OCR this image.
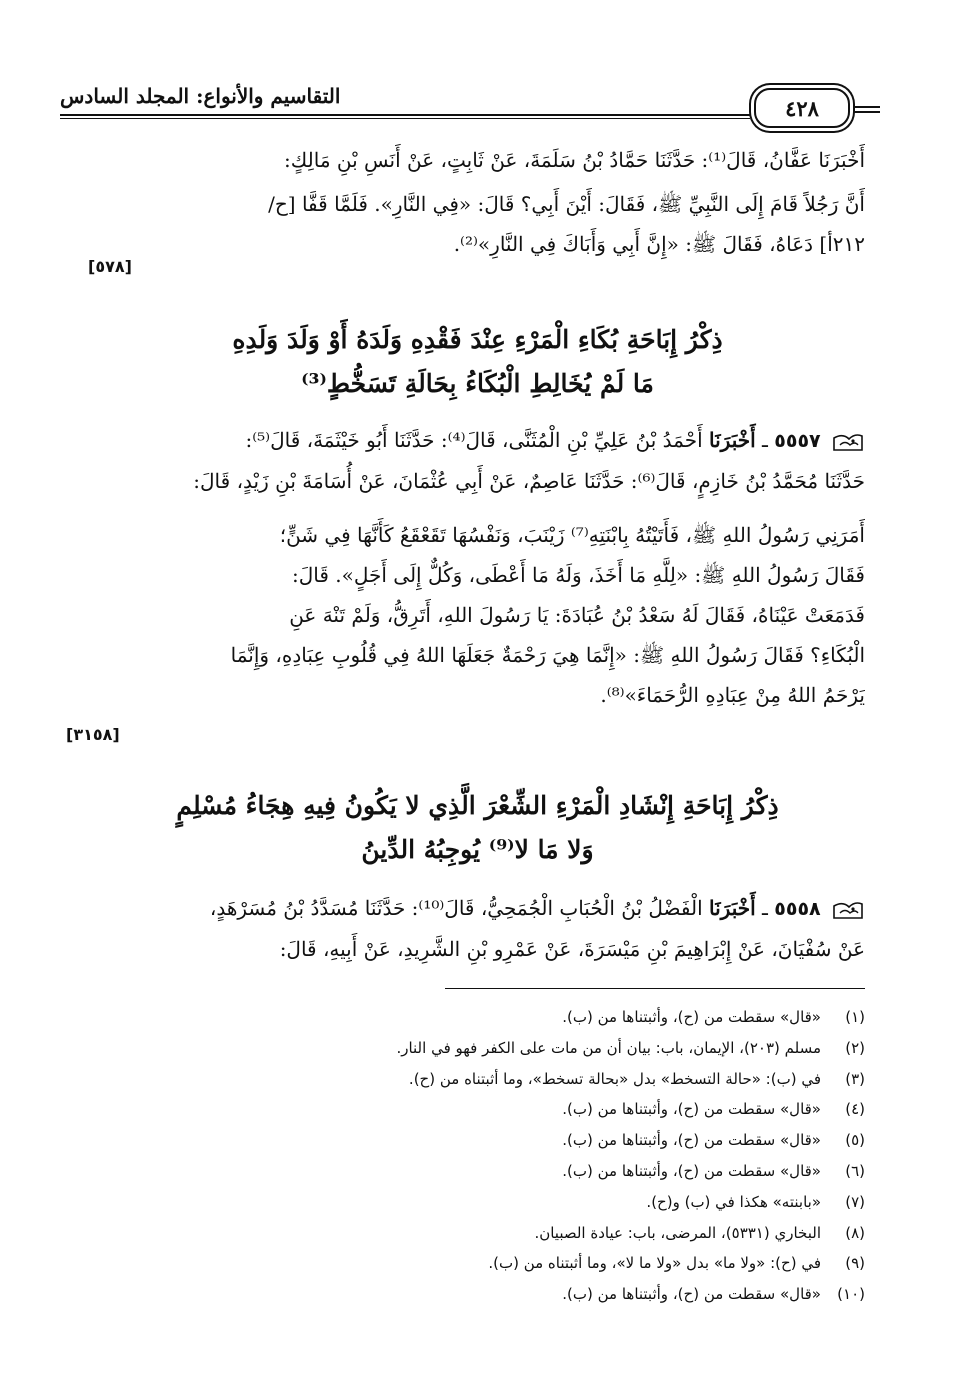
التقاسيم والأنواع: المجلد السادس	٤٢٨
أَخْبَرَنَا عَفَّانُ، قَالَ⁽¹⁾: حَدَّثَنَا حَمَّادُ بْنُ سَلَمَةَ، عَنْ ثَابِتٍ، عَنْ أَنَسِ بْنِ مَالِكٍ:
أَنَّ رَجُلاً قَامَ إِلَى النَّبِيِّ ﷺ، فَقَالَ: أَيْنَ أَبِي؟ قَالَ: «فِي النَّارِ». فَلَمَّا قَفَّا [ح/
٢١٢أ] دَعَاهُ، فَقَالَ ﷺ: «إِنَّ أَبِي وَأَبَاكَ فِي النَّارِ»⁽²⁾.
[٥٧٨]
ذِكْرُ إِبَاحَةِ بُكَاءِ الْمَرْءِ عِنْدَ فَقْدِهِ وَلَدَهُ أَوْ وَلَدَ وَلَدِهِ
مَا لَمْ يُخَالِطِ الْبُكَاءُ بِحَالَةِ تَسَخُّطٍ⁽³⁾
٥٥٥٧ ـ أَخْبَرَنَا أَحْمَدُ بْنُ عَلِيِّ بْنِ الْمُثَنَّى، قَالَ⁽⁴⁾: حَدَّثَنَا أَبُو خَيْثَمَةَ، قَالَ⁽⁵⁾:
حَدَّثَنَا مُحَمَّدُ بْنُ خَازِمٍ، قَالَ⁽⁶⁾: حَدَّثَنَا عَاصِمٌ، عَنْ أَبِي عُثْمَانَ، عَنْ أُسَامَةَ بْنِ زَيْدٍ، قَالَ:
أَمَرَنِي رَسُولُ اللهِ ﷺ، فَأَتَيْتُهُ بِابْنَتِهِ⁽⁷⁾ زَيْنَبَ، وَنَفْسُهَا تَقَعْقَعُ كَأَنَّهَا فِي شَنٍّ؛
فَقَالَ رَسُولُ اللهِ ﷺ: «لِلَّهِ مَا أَخَذَ، وَلَهُ مَا أَعْطَى، وَكُلٌّ إِلَى أَجَلٍ». قَالَ:
فَدَمَعَتْ عَيْنَاهُ، فَقَالَ لَهُ سَعْدُ بْنُ عُبَادَةَ: يَا رَسُولَ اللهِ، أَتَرِقُّ، وَلَمْ تَنْهَ عَنِ
الْبُكَاءِ؟ فَقَالَ رَسُولُ اللهِ ﷺ: «إِنَّمَا هِيَ رَحْمَةٌ جَعَلَهَا اللهُ فِي قُلُوبِ عِبَادِهِ، وَإِنَّمَا
يَرْحَمُ اللهُ مِنْ عِبَادِهِ الرُّحَمَاءَ»⁽⁸⁾.
[٣١٥٨]
ذِكْرُ إِبَاحَةِ إِنْشَادِ الْمَرْءِ الشِّعْرَ الَّذِي لا يَكُونُ فِيهِ هِجَاءُ مُسْلِمٍ
وَلا مَا لا⁽⁹⁾ يُوجِبُهُ الدِّينُ
٥٥٥٨ ـ أَخْبَرَنَا الْفَضْلُ بْنُ الْحُبَابِ الْجُمَحِيُّ، قَالَ⁽¹⁰⁾: حَدَّثَنَا مُسَدَّدُ بْنُ مُسَرْهَدٍ،
عَنْ سُفْيَانَ، عَنْ إِبْرَاهِيمَ بْنِ مَيْسَرَةَ، عَنْ عَمْرِو بْنِ الشَّرِيدِ، عَنْ أَبِيهِ، قَالَ:
(١)«قال» سقطت من (ح)، وأثبتناها من (ب).
(٢)مسلم (٢٠٣)، الإيمان، باب: بيان أن من مات على الكفر فهو في النار.
(٣)في (ب): «حالة التسخط» بدل «بحالة تسخط»، وما أثبتناه من (ح).
(٤)«قال» سقطت من (ح)، وأثبتناها من (ب).
(٥)«قال» سقطت من (ح)، وأثبتناها من (ب).
(٦)«قال» سقطت من (ح)، وأثبتناها من (ب).
(٧)«بابنته» هكذا في (ب) و(ح).
(٨)البخاري (٥٣٣١)، المرضى، باب: عيادة الصبيان.
(٩)في (ح): «ولا ما» بدل «ولا ما لا»، وما أثبتناه من (ب).
(١٠)«قال» سقطت من (ح)، وأثبتناها من (ب).
